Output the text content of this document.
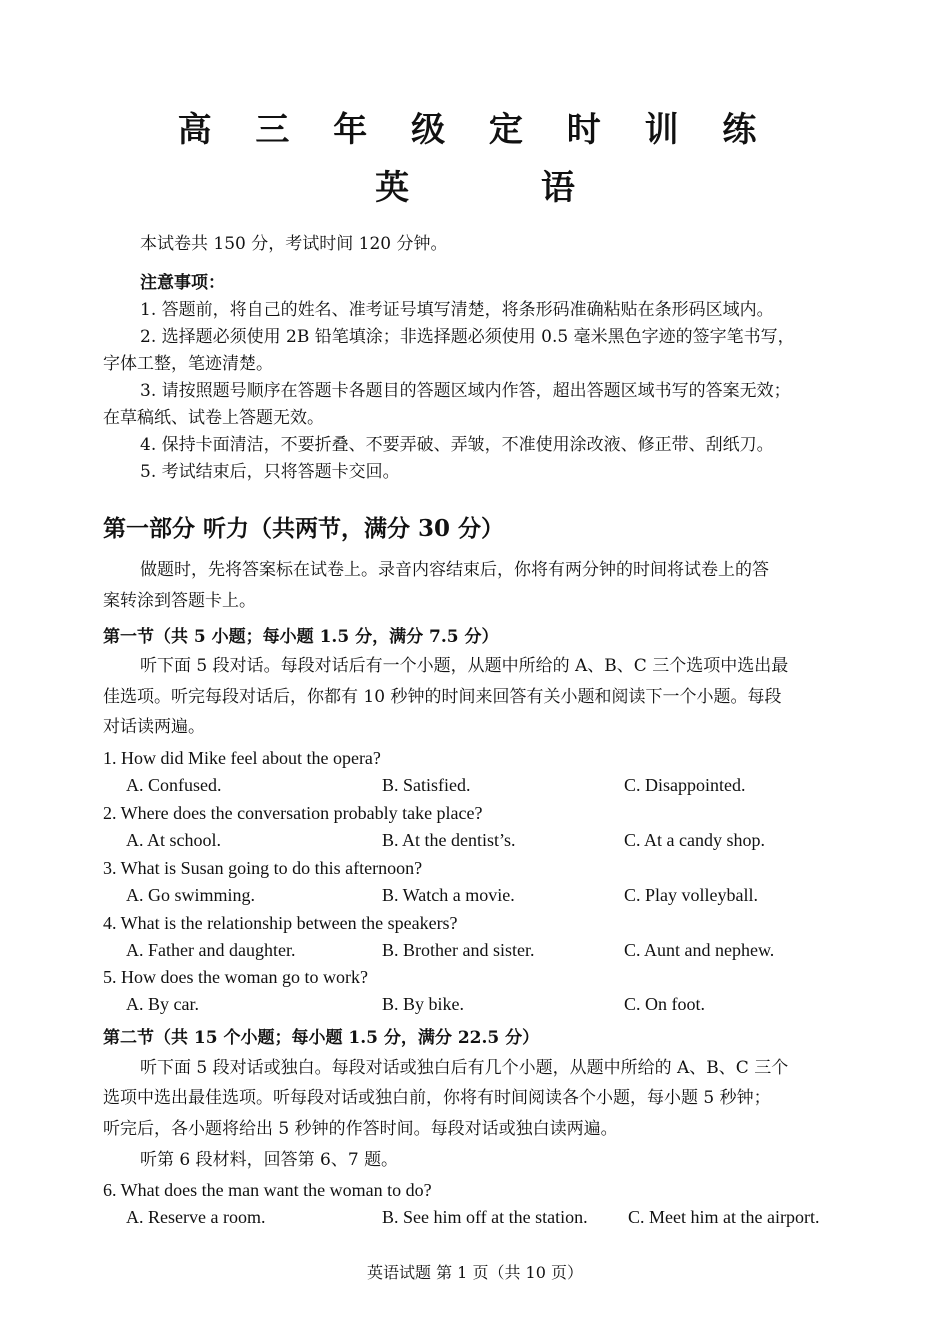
高 三 年 级 定 时 训 练
英 语
本试卷共 150 分，考试时间 120 分钟。
注意事项：
1. 答题前，将自己的姓名、准考证号填写清楚，将条形码准确粘贴在条形码区域内。
2. 选择题必须使用 2B 铅笔填涂；非选择题必须使用 0.5 毫米黑色字迹的签字笔书写，
字体工整，笔迹清楚。
3. 请按照题号顺序在答题卡各题目的答题区域内作答，超出答题区域书写的答案无效；
在草稿纸、试卷上答题无效。
4. 保持卡面清洁，不要折叠、不要弄破、弄皱，不准使用涂改液、修正带、刮纸刀。
5. 考试结束后，只将答题卡交回。
第一部分 听力（共两节，满分 30 分）
做题时，先将答案标在试卷上。录音内容结束后，你将有两分钟的时间将试卷上的答
案转涂到答题卡上。
第一节（共 5 小题；每小题 1.5 分，满分 7.5 分）
听下面 5 段对话。每段对话后有一个小题，从题中所给的 A、B、C 三个选项中选出最
佳选项。听完每段对话后，你都有 10 秒钟的时间来回答有关小题和阅读下一个小题。每段
对话读两遍。
1. How did Mike feel about the opera?
A. Confused.	B. Satisfied.	C. Disappointed.
2. Where does the conversation probably take place?
A. At school.	B. At the dentist’s.	C. At a candy shop.
3. What is Susan going to do this afternoon?
A. Go swimming.	B. Watch a movie.	C. Play volleyball.
4. What is the relationship between the speakers?
A. Father and daughter.	B. Brother and sister.	C. Aunt and nephew.
5. How does the woman go to work?
A. By car.	B. By bike.	C. On foot.
第二节（共 15 个小题；每小题 1.5 分，满分 22.5 分）
听下面 5 段对话或独白。每段对话或独白后有几个小题，从题中所给的 A、B、C 三个
选项中选出最佳选项。听每段对话或独白前，你将有时间阅读各个小题，每小题 5 秒钟；
听完后，各小题将给出 5 秒钟的作答时间。每段对话或独白读两遍。
听第 6 段材料，回答第 6、7 题。
6. What does the man want the woman to do?
A. Reserve a room.	B. See him off at the station. C. Meet him at the airport.
英语试题 第 1 页（共 10 页）
